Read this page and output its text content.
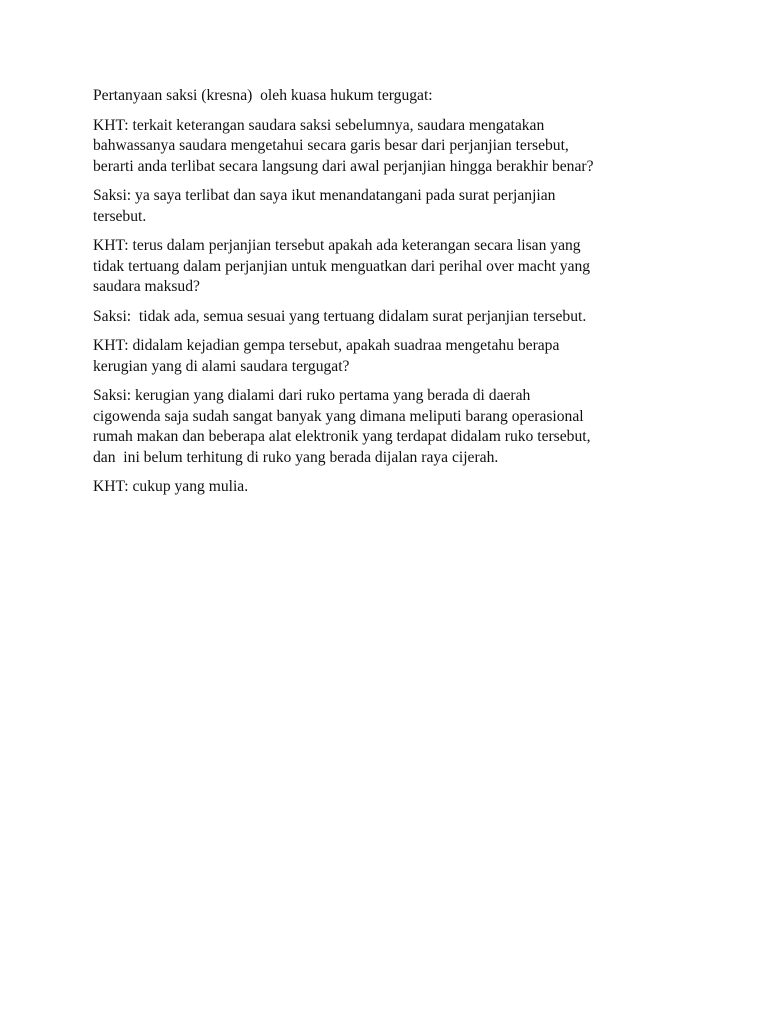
Pertanyaan saksi (kresna)  oleh kuasa hukum tergugat:

KHT: terkait keterangan saudara saksi sebelumnya, saudara mengatakan
bahwassanya saudara mengetahui secara garis besar dari perjanjian tersebut,
berarti anda terlibat secara langsung dari awal perjanjian hingga berakhir benar?

Saksi: ya saya terlibat dan saya ikut menandatangani pada surat perjanjian
tersebut.

KHT: terus dalam perjanjian tersebut apakah ada keterangan secara lisan yang
tidak tertuang dalam perjanjian untuk menguatkan dari perihal over macht yang
saudara maksud?

Saksi:  tidak ada, semua sesuai yang tertuang didalam surat perjanjian tersebut.

KHT: didalam kejadian gempa tersebut, apakah suadraa mengetahu berapa
kerugian yang di alami saudara tergugat?

Saksi: kerugian yang dialami dari ruko pertama yang berada di daerah
cigowenda saja sudah sangat banyak yang dimana meliputi barang operasional
rumah makan dan beberapa alat elektronik yang terdapat didalam ruko tersebut,
dan  ini belum terhitung di ruko yang berada dijalan raya cijerah.

KHT: cukup yang mulia.
